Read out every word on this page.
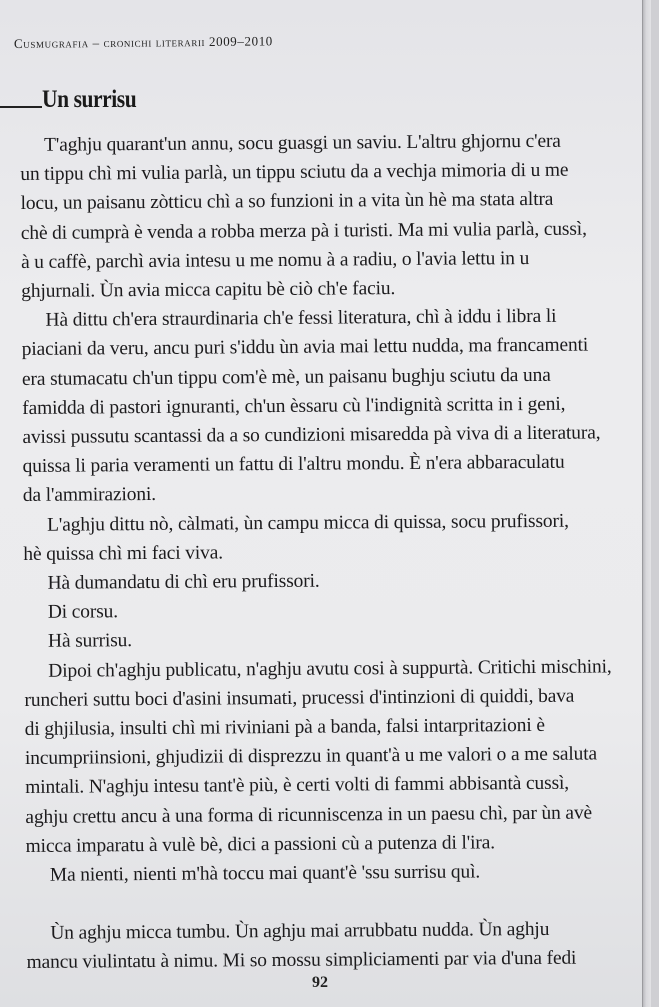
Cusmugrafia – cronichi literarii 2009–2010
Un surrisu
T'aghju quarant'un annu, socu guasgi un saviu. L'altru ghjornu c'era
un tippu chì mi vulia parlà, un tippu sciutu da a vechja mimoria di u me
locu, un paisanu zòtticu chì a so funzioni in a vita ùn hè ma stata altra
chè di cumprà è venda a robba merza pà i turisti. Ma mi vulia parlà, cussì,
à u caffè, parchì avia intesu u me nomu à a radiu, o l'avia lettu in u
ghjurnali. Ùn avia micca capitu bè ciò ch'e faciu.
Hà dittu ch'era straurdinaria ch'e fessi literatura, chì à iddu i libra li
piaciani da veru, ancu puri s'iddu ùn avia mai lettu nudda, ma francamenti
era stumacatu ch'un tippu com'è mè, un paisanu bughju sciutu da una
famidda di pastori ignuranti, ch'un èssaru cù l'indignità scritta in i geni,
avissi pussutu scantassi da a so cundizioni misaredda pà viva di a literatura,
quissa li paria veramenti un fattu di l'altru mondu. È n'era abbaraculatu
da l'ammirazioni.
L'aghju dittu nò, càlmati, ùn campu micca di quissa, socu prufissori,
hè quissa chì mi faci viva.
Hà dumandatu di chì eru prufissori.
Di corsu.
Hà surrisu.
Dipoi ch'aghju publicatu, n'aghju avutu cosi à suppurtà. Critichi mischini,
runcheri suttu boci d'asini insumati, prucessi d'intinzioni di quiddi, bava
di ghjilusia, insulti chì mi riviniani pà a banda, falsi intarpritazioni è
incumpriinsioni, ghjudizii di disprezzu in quant'à u me valori o a me saluta
mintali. N'aghju intesu tant'è più, è certi volti di fammi abbisantà cussì,
aghju crettu ancu à una forma di ricunniscenza in un paesu chì, par ùn avè
micca imparatu à vulè bè, dici a passioni cù a putenza di l'ira.
Ma nienti, nienti m'hà toccu mai quant'è 'ssu surrisu quì.
Ùn aghju micca tumbu. Ùn aghju mai arrubbatu nudda. Ùn aghju
mancu viulintatu à nimu. Mi so mossu simpliciamenti par via d'una fedi
92
